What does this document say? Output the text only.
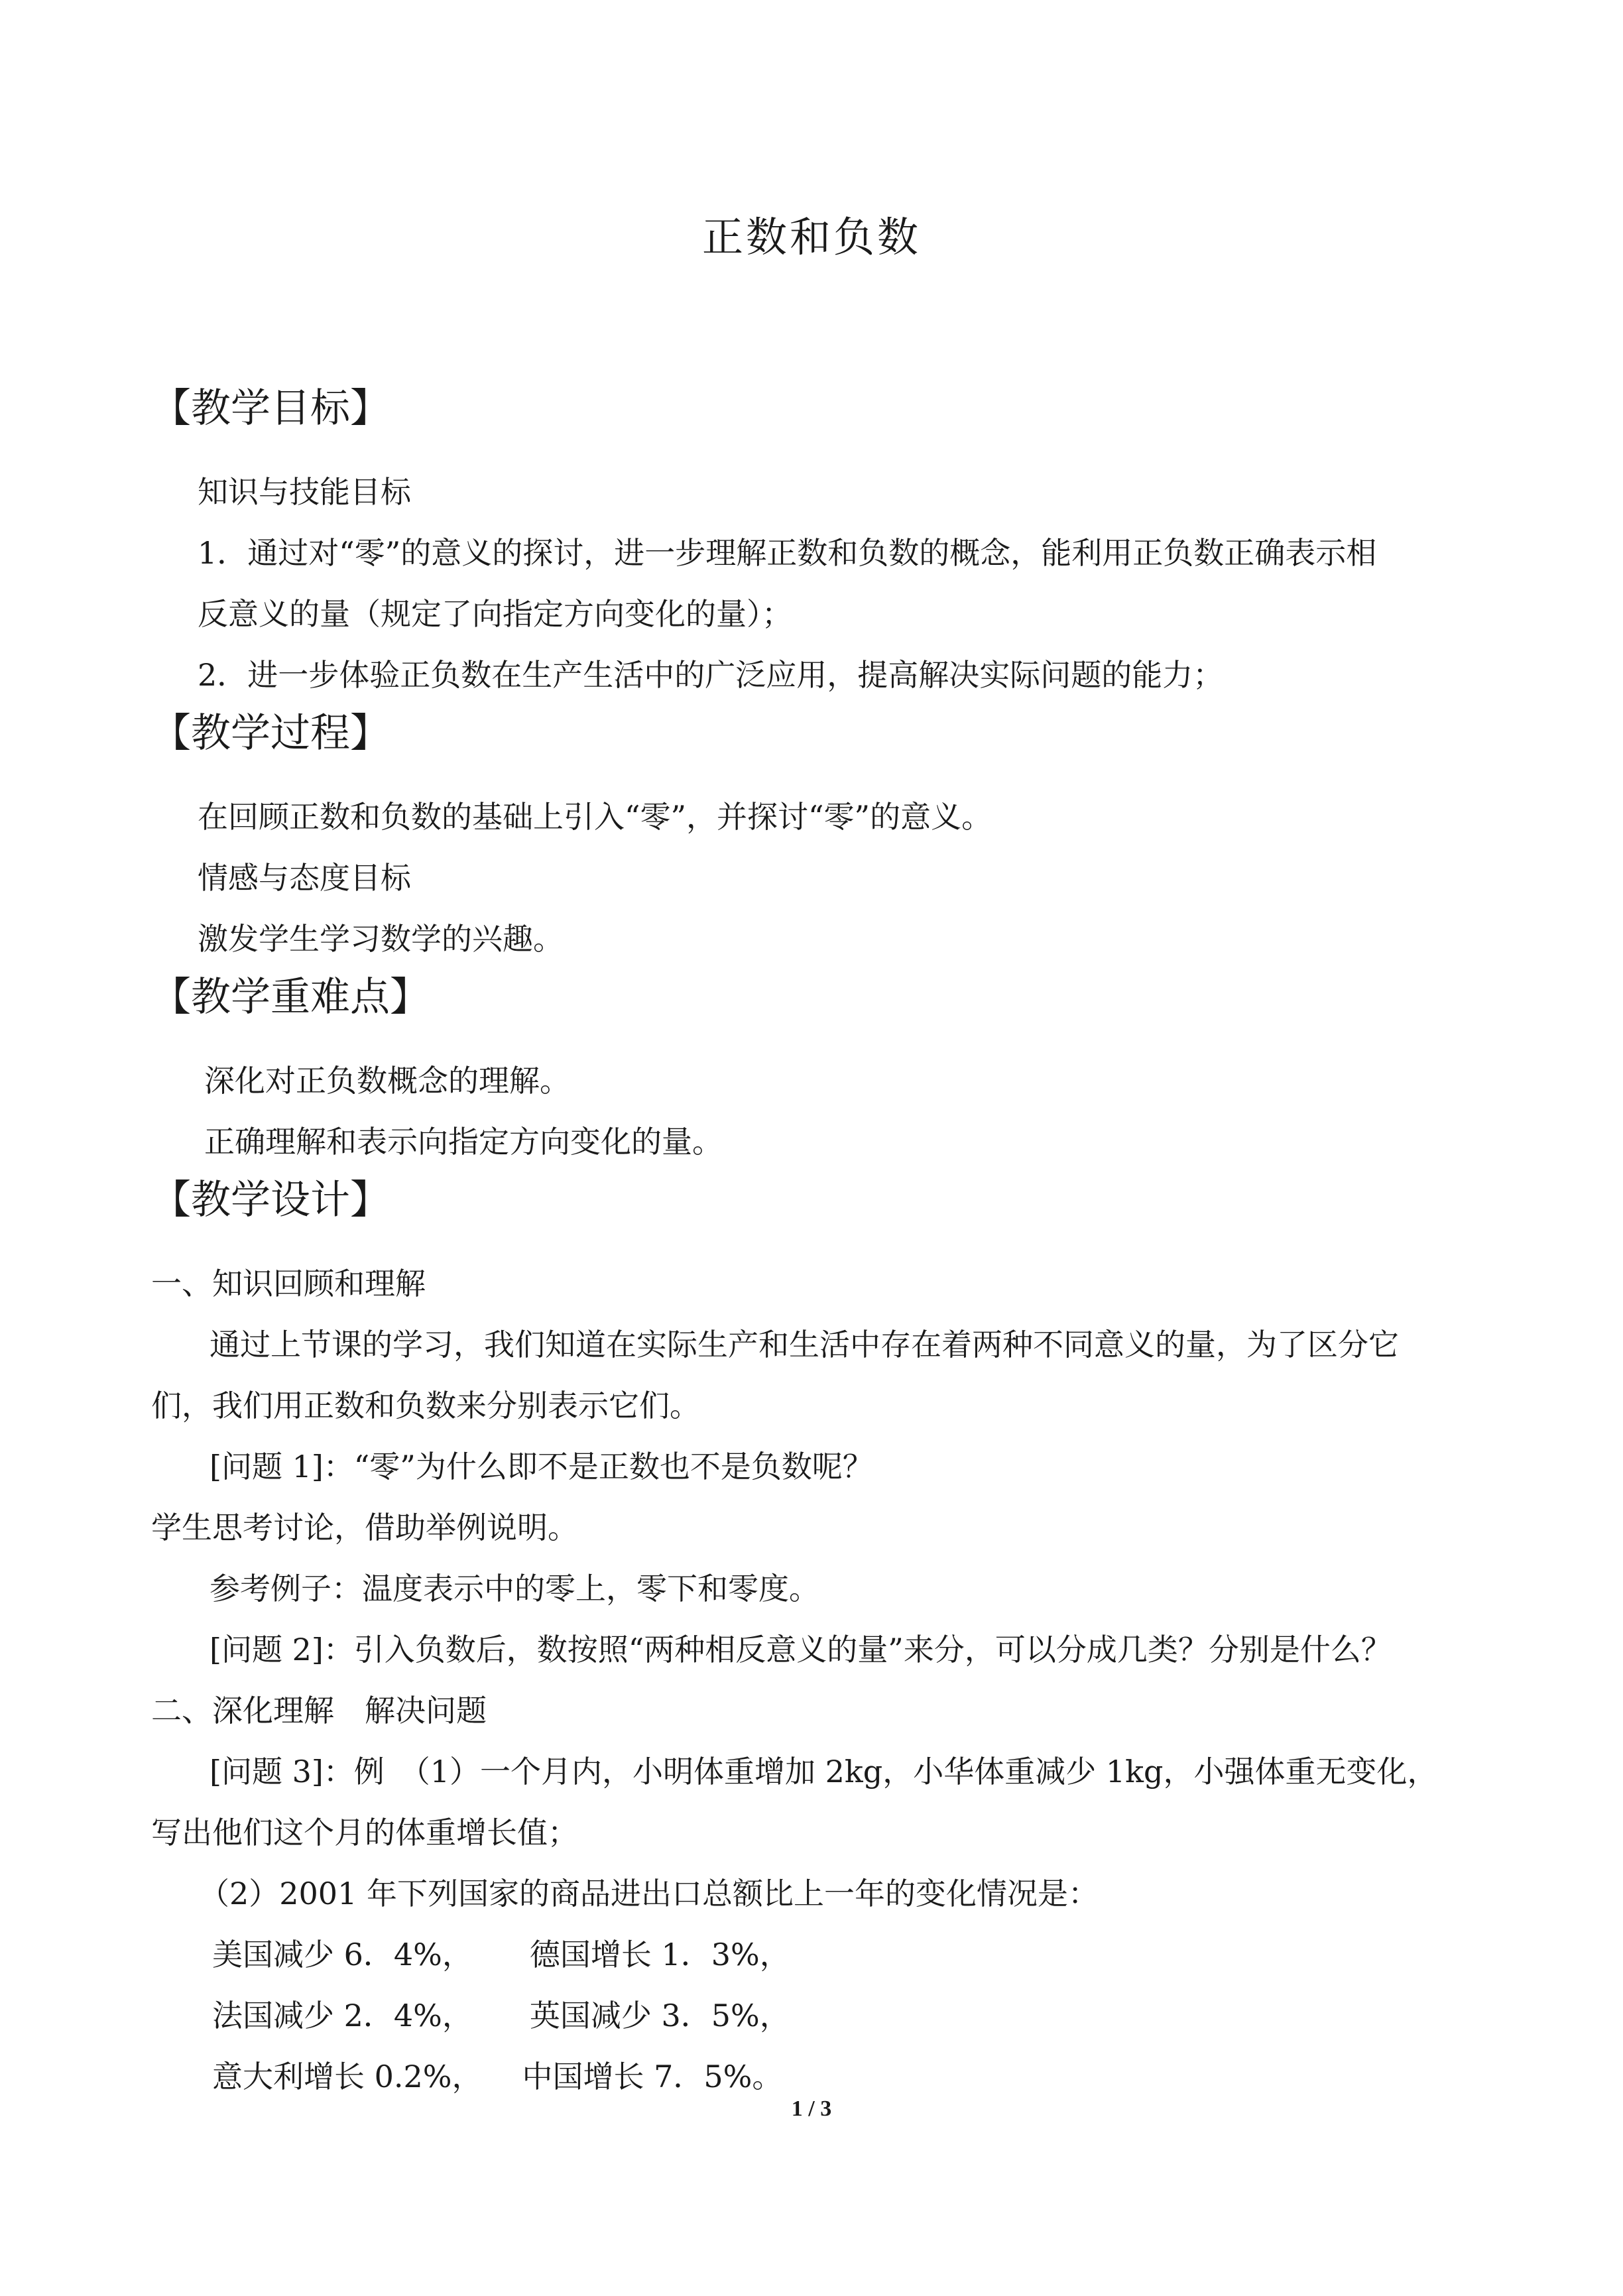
正数和负数
【教学目标】
知识与技能目标
1．通过对“零”的意义的探讨，进一步理解正数和负数的概念，能利用正负数正确表示相
反意义的量（规定了向指定方向变化的量）；
2．进一步体验正负数在生产生活中的广泛应用，提高解决实际问题的能力；
【教学过程】
在回顾正数和负数的基础上引入“零”，并探讨“零”的意义。
情感与态度目标
激发学生学习数学的兴趣。
【教学重难点】
深化对正负数概念的理解。
正确理解和表示向指定方向变化的量。
【教学设计】
一、知识回顾和理解
通过上节课的学习，我们知道在实际生产和生活中存在着两种不同意义的量，为了区分它
们，我们用正数和负数来分别表示它们。
[问题 1]：“零”为什么即不是正数也不是负数呢？
学生思考讨论，借助举例说明。
参考例子：温度表示中的零上，零下和零度。
[问题 2]：引入负数后，数按照“两种相反意义的量”来分，可以分成几类？分别是什么？
二、深化理解　解决问题
[问题 3]：例　（1）一个月内，小明体重增加 2kg，小华体重减少 1kg，小强体重无变化，
写出他们这个月的体重增长值；
（2）2001 年下列国家的商品进出口总额比上一年的变化情况是：
美国减少 6．4%， 德国增长 1．3%，
法国减少 2．4%， 英国减少 3．5%，
意大利增长 0.2%， 中国增长 7．5%。
1 / 3
